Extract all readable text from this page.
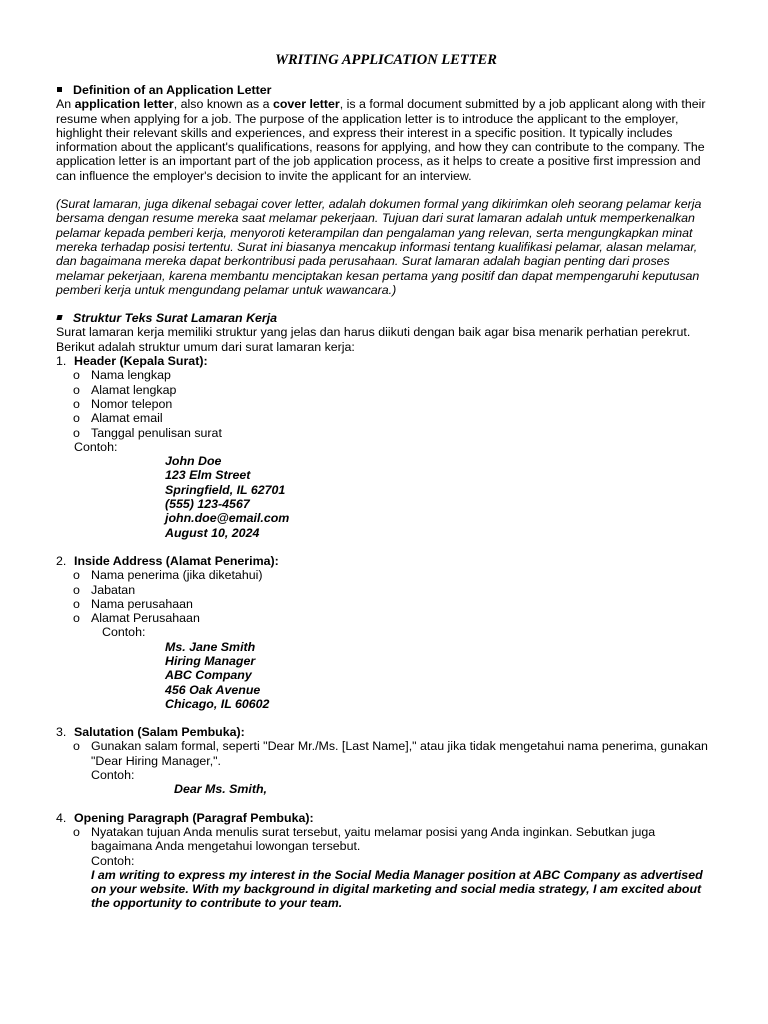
WRITING APPLICATION LETTER
Definition of an Application Letter

An application letter, also known as a cover letter, is a formal document submitted by a job applicant along with their resume when applying for a job. The purpose of the application letter is to introduce the applicant to the employer, highlight their relevant skills and experiences, and express their interest in a specific position. It typically includes information about the applicant's qualifications, reasons for applying, and how they can contribute to the company. The application letter is an important part of the job application process, as it helps to create a positive first impression and can influence the employer's decision to invite the applicant for an interview.

(Surat lamaran, juga dikenal sebagai cover letter, adalah dokumen formal yang dikirimkan oleh seorang pelamar kerja bersama dengan resume mereka saat melamar pekerjaan. Tujuan dari surat lamaran adalah untuk memperkenalkan pelamar kepada pemberi kerja, menyoroti keterampilan dan pengalaman yang relevan, serta mengungkapkan minat mereka terhadap posisi tertentu. Surat ini biasanya mencakup informasi tentang kualifikasi pelamar, alasan melamar, dan bagaimana mereka dapat berkontribusi pada perusahaan. Surat lamaran adalah bagian penting dari proses melamar pekerjaan, karena membantu menciptakan kesan pertama yang positif dan dapat mempengaruhi keputusan pemberi kerja untuk mengundang pelamar untuk wawancara.)

Struktur Teks Surat Lamaran Kerja

Surat lamaran kerja memiliki struktur yang jelas dan harus diikuti dengan baik agar bisa menarik perhatian perekrut. Berikut adalah struktur umum dari surat lamaran kerja:

1. Header (Kepala Surat):
o Nama lengkap
o Alamat lengkap
o Nomor telepon
o Alamat email
o Tanggal penulisan surat
Contoh:
John Doe
123 Elm Street
Springfield, IL 62701
(555) 123-4567
john.doe@email.com
August 10, 2024
2. Inside Address (Alamat Penerima):
o Nama penerima (jika diketahui)
o Jabatan
o Nama perusahaan
o Alamat Perusahaan
Contoh:
Ms. Jane Smith
Hiring Manager
ABC Company
456 Oak Avenue
Chicago, IL 60602
3. Salutation (Salam Pembuka):
o Gunakan salam formal, seperti "Dear Mr./Ms. [Last Name]," atau jika tidak mengetahui nama penerima, gunakan "Dear Hiring Manager,".
Contoh:
Dear Ms. Smith,
4. Opening Paragraph (Paragraf Pembuka):
o Nyatakan tujuan Anda menulis surat tersebut, yaitu melamar posisi yang Anda inginkan. Sebutkan juga bagaimana Anda mengetahui lowongan tersebut.
Contoh:
I am writing to express my interest in the Social Media Manager position at ABC Company as advertised on your website. With my background in digital marketing and social media strategy, I am excited about the opportunity to contribute to your team.
